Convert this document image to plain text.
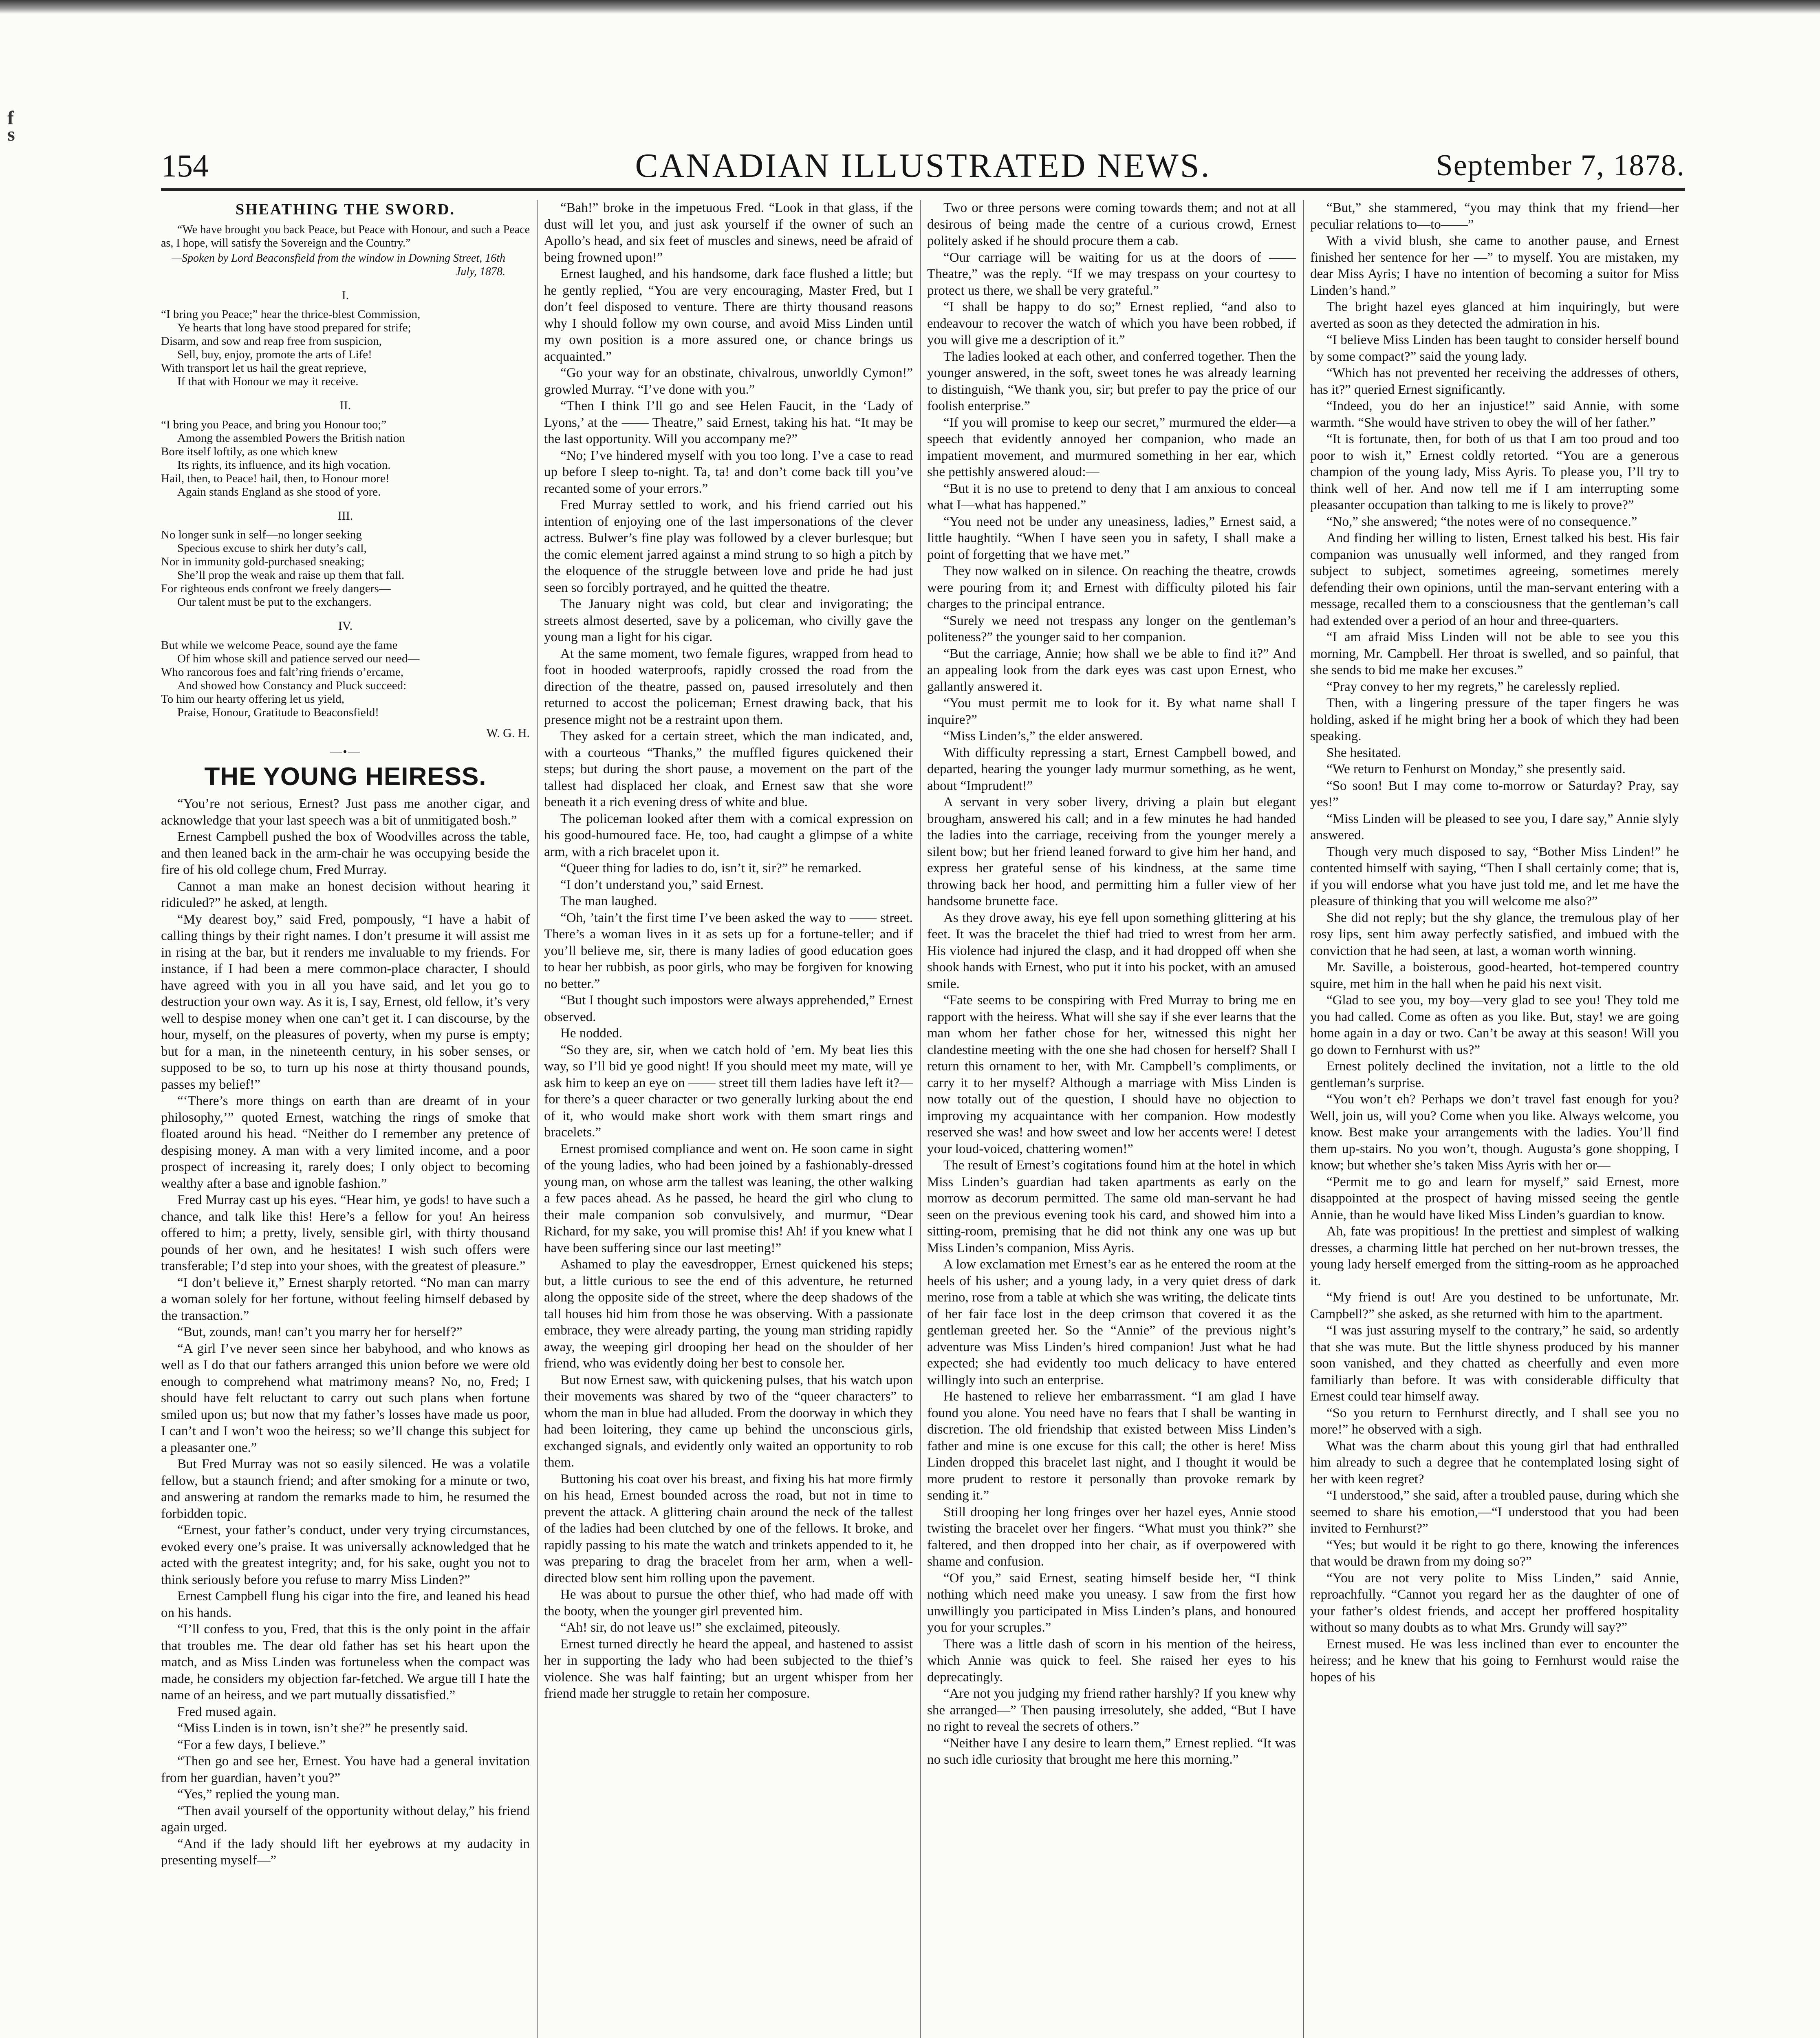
f
s
154	CANADIAN ILLUSTRATED NEWS.	September 7, 1878.
SHEATHING THE SWORD.

“We have brought you back Peace, but Peace with Honour, and such a Peace as, I hope, will satisfy the Sovereign and the Country.”

—Spoken by Lord Beaconsfield from the window in Downing Street, 16th July, 1878.
I.

“I bring you Peace;” hear the thrice-blest Commission,

Ye hearts that long have stood prepared for strife;

Disarm, and sow and reap free from suspicion,

Sell, buy, enjoy, promote the arts of Life!

With transport let us hail the great reprieve,

If that with Honour we may it receive.

II.

“I bring you Peace, and bring you Honour too;”

Among the assembled Powers the British nation

Bore itself loftily, as one which knew

Its rights, its influence, and its high vocation.

Hail, then, to Peace! hail, then, to Honour more!

Again stands England as she stood of yore.

III.

No longer sunk in self—no longer seeking

Specious excuse to shirk her duty’s call,

Nor in immunity gold-purchased sneaking;

She’ll prop the weak and raise up them that fall.

For righteous ends confront we freely dangers—

Our talent must be put to the exchangers.

IV.

But while we welcome Peace, sound aye the fame

Of him whose skill and patience served our need—

Who rancorous foes and falt’ring friends o’ercame,

And showed how Constancy and Pluck succeed:

To him our hearty offering let us yield,

Praise, Honour, Gratitude to Beaconsfield!

W. G. H.
—•—
THE YOUNG HEIRESS.

“You’re not serious, Ernest? Just pass me another cigar, and acknowledge that your last speech was a bit of unmitigated bosh.”

Ernest Campbell pushed the box of Woodvilles across the table, and then leaned back in the arm-chair he was occupying beside the fire of his old college chum, Fred Murray.

Cannot a man make an honest decision without hearing it ridiculed?” he asked, at length.

“My dearest boy,” said Fred, pompously, “I have a habit of calling things by their right names. I don’t presume it will assist me in rising at the bar, but it renders me invaluable to my friends. For instance, if I had been a mere common-place character, I should have agreed with you in all you have said, and let you go to destruction your own way. As it is, I say, Ernest, old fellow, it’s very well to despise money when one can’t get it. I can discourse, by the hour, myself, on the pleasures of poverty, when my purse is empty; but for a man, in the nineteenth century, in his sober senses, or supposed to be so, to turn up his nose at thirty thousand pounds, passes my belief!”

“‘There’s more things on earth than are dreamt of in your philosophy,’” quoted Ernest, watching the rings of smoke that floated around his head. “Neither do I remember any pretence of despising money. A man with a very limited income, and a poor prospect of increasing it, rarely does; I only object to becoming wealthy after a base and ignoble fashion.”

Fred Murray cast up his eyes. “Hear him, ye gods! to have such a chance, and talk like this! Here’s a fellow for you! An heiress offered to him; a pretty, lively, sensible girl, with thirty thousand pounds of her own, and he hesitates! I wish such offers were transferable; I’d step into your shoes, with the greatest of pleasure.”

“I don’t believe it,” Ernest sharply retorted. “No man can marry a woman solely for her fortune, without feeling himself debased by the transaction.”

“But, zounds, man! can’t you marry her for herself?”

“A girl I’ve never seen since her babyhood, and who knows as well as I do that our fathers arranged this union before we were old enough to comprehend what matrimony means? No, no, Fred; I should have felt reluctant to carry out such plans when fortune smiled upon us; but now that my father’s losses have made us poor, I can’t and I won’t woo the heiress; so we’ll change this subject for a pleasanter one.”

But Fred Murray was not so easily silenced. He was a volatile fellow, but a staunch friend; and after smoking for a minute or two, and answering at random the remarks made to him, he resumed the forbidden topic.

“Ernest, your father’s conduct, under very trying circumstances, evoked every one’s praise. It was universally acknowledged that he acted with the greatest integrity; and, for his sake, ought you not to think seriously before you refuse to marry Miss Linden?”

Ernest Campbell flung his cigar into the fire, and leaned his head on his hands.

“I’ll confess to you, Fred, that this is the only point in the affair that troubles me. The dear old father has set his heart upon the match, and as Miss Linden was fortuneless when the compact was made, he considers my objection far-fetched. We argue till I hate the name of an heiress, and we part mutually dissatisfied.”

Fred mused again.

“Miss Linden is in town, isn’t she?” he presently said.

“For a few days, I believe.”

“Then go and see her, Ernest. You have had a general invitation from her guardian, haven’t you?”

“Yes,” replied the young man.

“Then avail yourself of the opportunity without delay,” his friend again urged.

“And if the lady should lift her eyebrows at my audacity in presenting myself—”

“Bah!” broke in the impetuous Fred. “Look in that glass, if the dust will let you, and just ask yourself if the owner of such an Apollo’s head, and six feet of muscles and sinews, need be afraid of being frowned upon!”

Ernest laughed, and his handsome, dark face flushed a little; but he gently replied, “You are very encouraging, Master Fred, but I don’t feel disposed to venture. There are thirty thousand reasons why I should follow my own course, and avoid Miss Linden until my own position is a more assured one, or chance brings us acquainted.”

“Go your way for an obstinate, chivalrous, unworldly Cymon!” growled Murray. “I’ve done with you.”

“Then I think I’ll go and see Helen Faucit, in the ‘Lady of Lyons,’ at the —— Theatre,” said Ernest, taking his hat. “It may be the last opportunity. Will you accompany me?”

“No; I’ve hindered myself with you too long. I’ve a case to read up before I sleep to-night. Ta, ta! and don’t come back till you’ve recanted some of your errors.”

Fred Murray settled to work, and his friend carried out his intention of enjoying one of the last impersonations of the clever actress. Bulwer’s fine play was followed by a clever burlesque; but the comic element jarred against a mind strung to so high a pitch by the eloquence of the struggle between love and pride he had just seen so forcibly portrayed, and he quitted the theatre.

The January night was cold, but clear and invigorating; the streets almost deserted, save by a policeman, who civilly gave the young man a light for his cigar.

At the same moment, two female figures, wrapped from head to foot in hooded waterproofs, rapidly crossed the road from the direction of the theatre, passed on, paused irresolutely and then returned to accost the policeman; Ernest drawing back, that his presence might not be a restraint upon them.

They asked for a certain street, which the man indicated, and, with a courteous “Thanks,” the muffled figures quickened their steps; but during the short pause, a movement on the part of the tallest had displaced her cloak, and Ernest saw that she wore beneath it a rich evening dress of white and blue.

The policeman looked after them with a comical expression on his good-humoured face. He, too, had caught a glimpse of a white arm, with a rich bracelet upon it.

“Queer thing for ladies to do, isn’t it, sir?” he remarked.

“I don’t understand you,” said Ernest.

The man laughed.

“Oh, ’tain’t the first time I’ve been asked the way to —— street. There’s a woman lives in it as sets up for a fortune-teller; and if you’ll believe me, sir, there is many ladies of good education goes to hear her rubbish, as poor girls, who may be forgiven for knowing no better.”

“But I thought such impostors were always apprehended,” Ernest observed.

He nodded.

“So they are, sir, when we catch hold of ’em. My beat lies this way, so I’ll bid ye good night! If you should meet my mate, will ye ask him to keep an eye on —— street till them ladies have left it?—for there’s a queer character or two generally lurking about the end of it, who would make short work with them smart rings and bracelets.”

Ernest promised compliance and went on. He soon came in sight of the young ladies, who had been joined by a fashionably-dressed young man, on whose arm the tallest was leaning, the other walking a few paces ahead. As he passed, he heard the girl who clung to their male companion sob convulsively, and murmur, “Dear Richard, for my sake, you will promise this! Ah! if you knew what I have been suffering since our last meeting!”

Ashamed to play the eavesdropper, Ernest quickened his steps; but, a little curious to see the end of this adventure, he returned along the opposite side of the street, where the deep shadows of the tall houses hid him from those he was observing. With a passionate embrace, they were already parting, the young man striding rapidly away, the weeping girl drooping her head on the shoulder of her friend, who was evidently doing her best to console her.

But now Ernest saw, with quickening pulses, that his watch upon their movements was shared by two of the “queer characters” to whom the man in blue had alluded. From the doorway in which they had been loitering, they came up behind the unconscious girls, exchanged signals, and evidently only waited an opportunity to rob them.

Buttoning his coat over his breast, and fixing his hat more firmly on his head, Ernest bounded across the road, but not in time to prevent the attack. A glittering chain around the neck of the tallest of the ladies had been clutched by one of the fellows. It broke, and rapidly passing to his mate the watch and trinkets appended to it, he was preparing to drag the bracelet from her arm, when a well-directed blow sent him rolling upon the pavement.

He was about to pursue the other thief, who had made off with the booty, when the younger girl prevented him.

“Ah! sir, do not leave us!” she exclaimed, piteously.

Ernest turned directly he heard the appeal, and hastened to assist her in supporting the lady who had been subjected to the thief’s violence. She was half fainting; but an urgent whisper from her friend made her struggle to retain her composure.

Two or three persons were coming towards them; and not at all desirous of being made the centre of a curious crowd, Ernest politely asked if he should procure them a cab.

“Our carriage will be waiting for us at the doors of —— Theatre,” was the reply. “If we may trespass on your courtesy to protect us there, we shall be very grateful.”

“I shall be happy to do so;” Ernest replied, “and also to endeavour to recover the watch of which you have been robbed, if you will give me a description of it.”

The ladies looked at each other, and conferred together. Then the younger answered, in the soft, sweet tones he was already learning to distinguish, “We thank you, sir; but prefer to pay the price of our foolish enterprise.”

“If you will promise to keep our secret,” murmured the elder—a speech that evidently annoyed her companion, who made an impatient movement, and murmured something in her ear, which she pettishly answered aloud:—

“But it is no use to pretend to deny that I am anxious to conceal what I—what has happened.”

“You need not be under any uneasiness, ladies,” Ernest said, a little haughtily. “When I have seen you in safety, I shall make a point of forgetting that we have met.”

They now walked on in silence. On reaching the theatre, crowds were pouring from it; and Ernest with difficulty piloted his fair charges to the principal entrance.

“Surely we need not trespass any longer on the gentleman’s politeness?” the younger said to her companion.

“But the carriage, Annie; how shall we be able to find it?” And an appealing look from the dark eyes was cast upon Ernest, who gallantly answered it.

“You must permit me to look for it. By what name shall I inquire?”

“Miss Linden’s,” the elder answered.

With difficulty repressing a start, Ernest Campbell bowed, and departed, hearing the younger lady murmur something, as he went, about “Imprudent!”

A servant in very sober livery, driving a plain but elegant brougham, answered his call; and in a few minutes he had handed the ladies into the carriage, receiving from the younger merely a silent bow; but her friend leaned forward to give him her hand, and express her grateful sense of his kindness, at the same time throwing back her hood, and permitting him a fuller view of her handsome brunette face.

As they drove away, his eye fell upon something glittering at his feet. It was the bracelet the thief had tried to wrest from her arm. His violence had injured the clasp, and it had dropped off when she shook hands with Ernest, who put it into his pocket, with an amused smile.

“Fate seems to be conspiring with Fred Murray to bring me en rapport with the heiress. What will she say if she ever learns that the man whom her father chose for her, witnessed this night her clandestine meeting with the one she had chosen for herself? Shall I return this ornament to her, with Mr. Campbell’s compliments, or carry it to her myself? Although a marriage with Miss Linden is now totally out of the question, I should have no objection to improving my acquaintance with her companion. How modestly reserved she was! and how sweet and low her accents were! I detest your loud-voiced, chattering women!”

The result of Ernest’s cogitations found him at the hotel in which Miss Linden’s guardian had taken apartments as early on the morrow as decorum permitted. The same old man-servant he had seen on the previous evening took his card, and showed him into a sitting-room, premising that he did not think any one was up but Miss Linden’s companion, Miss Ayris.

A low exclamation met Ernest’s ear as he entered the room at the heels of his usher; and a young lady, in a very quiet dress of dark merino, rose from a table at which she was writing, the delicate tints of her fair face lost in the deep crimson that covered it as the gentleman greeted her. So the “Annie” of the previous night’s adventure was Miss Linden’s hired companion! Just what he had expected; she had evidently too much delicacy to have entered willingly into such an enterprise.

He hastened to relieve her embarrassment. “I am glad I have found you alone. You need have no fears that I shall be wanting in discretion. The old friendship that existed between Miss Linden’s father and mine is one excuse for this call; the other is here! Miss Linden dropped this bracelet last night, and I thought it would be more prudent to restore it personally than provoke remark by sending it.”

Still drooping her long fringes over her hazel eyes, Annie stood twisting the bracelet over her fingers. “What must you think?” she faltered, and then dropped into her chair, as if overpowered with shame and confusion.

“Of you,” said Ernest, seating himself beside her, “I think nothing which need make you uneasy. I saw from the first how unwillingly you participated in Miss Linden’s plans, and honoured you for your scruples.”

There was a little dash of scorn in his mention of the heiress, which Annie was quick to feel. She raised her eyes to his deprecatingly.

“Are not you judging my friend rather harshly? If you knew why she arranged—” Then pausing irresolutely, she added, “But I have no right to reveal the secrets of others.”

“Neither have I any desire to learn them,” Ernest replied. “It was no such idle curiosity that brought me here this morning.”

“But,” she stammered, “you may think that my friend—her peculiar relations to—to——”

With a vivid blush, she came to another pause, and Ernest finished her sentence for her —” to myself. You are mistaken, my dear Miss Ayris; I have no intention of becoming a suitor for Miss Linden’s hand.”

The bright hazel eyes glanced at him inquiringly, but were averted as soon as they detected the admiration in his.

“I believe Miss Linden has been taught to consider herself bound by some compact?” said the young lady.

“Which has not prevented her receiving the addresses of others, has it?” queried Ernest significantly.

“Indeed, you do her an injustice!” said Annie, with some warmth. “She would have striven to obey the will of her father.”

“It is fortunate, then, for both of us that I am too proud and too poor to wish it,” Ernest coldly retorted. “You are a generous champion of the young lady, Miss Ayris. To please you, I’ll try to think well of her. And now tell me if I am interrupting some pleasanter occupation than talking to me is likely to prove?”

“No,” she answered; “the notes were of no consequence.”

And finding her willing to listen, Ernest talked his best. His fair companion was unusually well informed, and they ranged from subject to subject, sometimes agreeing, sometimes merely defending their own opinions, until the man-servant entering with a message, recalled them to a consciousness that the gentleman’s call had extended over a period of an hour and three-quarters.

“I am afraid Miss Linden will not be able to see you this morning, Mr. Campbell. Her throat is swelled, and so painful, that she sends to bid me make her excuses.”

“Pray convey to her my regrets,” he carelessly replied.

Then, with a lingering pressure of the taper fingers he was holding, asked if he might bring her a book of which they had been speaking.

She hesitated.

“We return to Fenhurst on Monday,” she presently said.

“So soon! But I may come to-morrow or Saturday? Pray, say yes!”

“Miss Linden will be pleased to see you, I dare say,” Annie slyly answered.

Though very much disposed to say, “Bother Miss Linden!” he contented himself with saying, “Then I shall certainly come; that is, if you will endorse what you have just told me, and let me have the pleasure of thinking that you will welcome me also?”

She did not reply; but the shy glance, the tremulous play of her rosy lips, sent him away perfectly satisfied, and imbued with the conviction that he had seen, at last, a woman worth winning.

Mr. Saville, a boisterous, good-hearted, hot-tempered country squire, met him in the hall when he paid his next visit.

“Glad to see you, my boy—very glad to see you! They told me you had called. Come as often as you like. But, stay! we are going home again in a day or two. Can’t be away at this season! Will you go down to Fernhurst with us?”

Ernest politely declined the invitation, not a little to the old gentleman’s surprise.

“You won’t eh? Perhaps we don’t travel fast enough for you? Well, join us, will you? Come when you like. Always welcome, you know. Best make your arrangements with the ladies. You’ll find them up-stairs. No you won’t, though. Augusta’s gone shopping, I know; but whether she’s taken Miss Ayris with her or—

“Permit me to go and learn for myself,” said Ernest, more disappointed at the prospect of having missed seeing the gentle Annie, than he would have liked Miss Linden’s guardian to know.

Ah, fate was propitious! In the prettiest and simplest of walking dresses, a charming little hat perched on her nut-brown tresses, the young lady herself emerged from the sitting-room as he approached it.

“My friend is out! Are you destined to be unfortunate, Mr. Campbell?” she asked, as she returned with him to the apartment.

“I was just assuring myself to the contrary,” he said, so ardently that she was mute. But the little shyness produced by his manner soon vanished, and they chatted as cheerfully and even more familiarly than before. It was with considerable difficulty that Ernest could tear himself away.

“So you return to Fernhurst directly, and I shall see you no more!” he observed with a sigh.

What was the charm about this young girl that had enthralled him already to such a degree that he contemplated losing sight of her with keen regret?

“I understood,” she said, after a troubled pause, during which she seemed to share his emotion,—“I understood that you had been invited to Fernhurst?”

“Yes; but would it be right to go there, knowing the inferences that would be drawn from my doing so?”

“You are not very polite to Miss Linden,” said Annie, reproachfully. “Cannot you regard her as the daughter of one of your father’s oldest friends, and accept her proffered hospitality without so many doubts as to what Mrs. Grundy will say?”

Ernest mused. He was less inclined than ever to encounter the heiress; and he knew that his going to Fernhurst would raise the hopes of his
